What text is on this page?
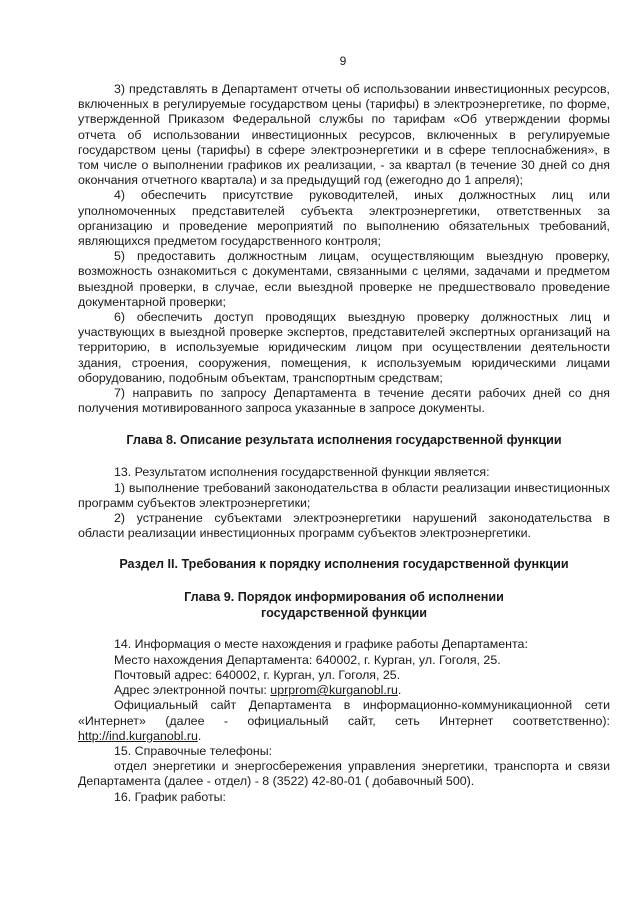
9

3) представлять в Департамент отчеты об использовании инвестиционных ресурсов, включенных в регулируемые государством цены (тарифы) в электроэнергетике, по форме, утвержденной Приказом Федеральной службы по тарифам «Об утверждении формы отчета об использовании инвестиционных ресурсов, включенных в регулируемые государством цены (тарифы) в сфере электроэнергетики и в сфере теплоснабжения», в том числе о выполнении графиков их реализации, - за квартал (в течение 30 дней со дня окончания отчетного квартала) и за предыдущий год (ежегодно до 1 апреля);

4) обеспечить присутствие руководителей, иных должностных лиц или уполномоченных представителей субъекта электроэнергетики, ответственных за организацию и проведение мероприятий по выполнению обязательных требований, являющихся предметом государственного контроля;

5) предоставить должностным лицам, осуществляющим выездную проверку, возможность ознакомиться с документами, связанными с целями, задачами и предметом выездной проверки, в случае, если выездной проверке не предшествовало проведение документарной проверки;

6) обеспечить доступ проводящих выездную проверку должностных лиц и участвующих в выездной проверке экспертов, представителей экспертных организаций на территорию, в используемые юридическим лицом при осуществлении деятельности здания, строения, сооружения, помещения, к используемым юридическими лицами оборудованию, подобным объектам, транспортным средствам;

7) направить по запросу Департамента в течение десяти рабочих дней со дня получения мотивированного запроса указанные в запросе документы.

Глава 8. Описание результата исполнения государственной функции

13. Результатом исполнения государственной функции является:

1) выполнение требований законодательства в области реализации инвестиционных программ субъектов электроэнергетики;

2) устранение субъектами электроэнергетики нарушений законодательства в области реализации инвестиционных программ субъектов электроэнергетики.

Раздел II. Требования к порядку исполнения государственной функции

Глава 9. Порядок информирования об исполнении
государственной функции

14. Информация о месте нахождения и графике работы Департамента:

Место нахождения Департамента: 640002, г. Курган, ул. Гоголя, 25.

Почтовый адрес: 640002, г. Курган, ул. Гоголя, 25.

Адрес электронной почты: uprprom@kurganobl.ru.

Официальный сайт Департамента в информационно-коммуникационной сети «Интернет» (далее - официальный сайт, сеть Интернет соответственно): http://ind.kurganobl.ru.

15. Справочные телефоны:

отдел энергетики и энергосбережения управления энергетики, транспорта и связи Департамента (далее - отдел) - 8 (3522) 42-80-01 ( добавочный 500).

16. График работы:
